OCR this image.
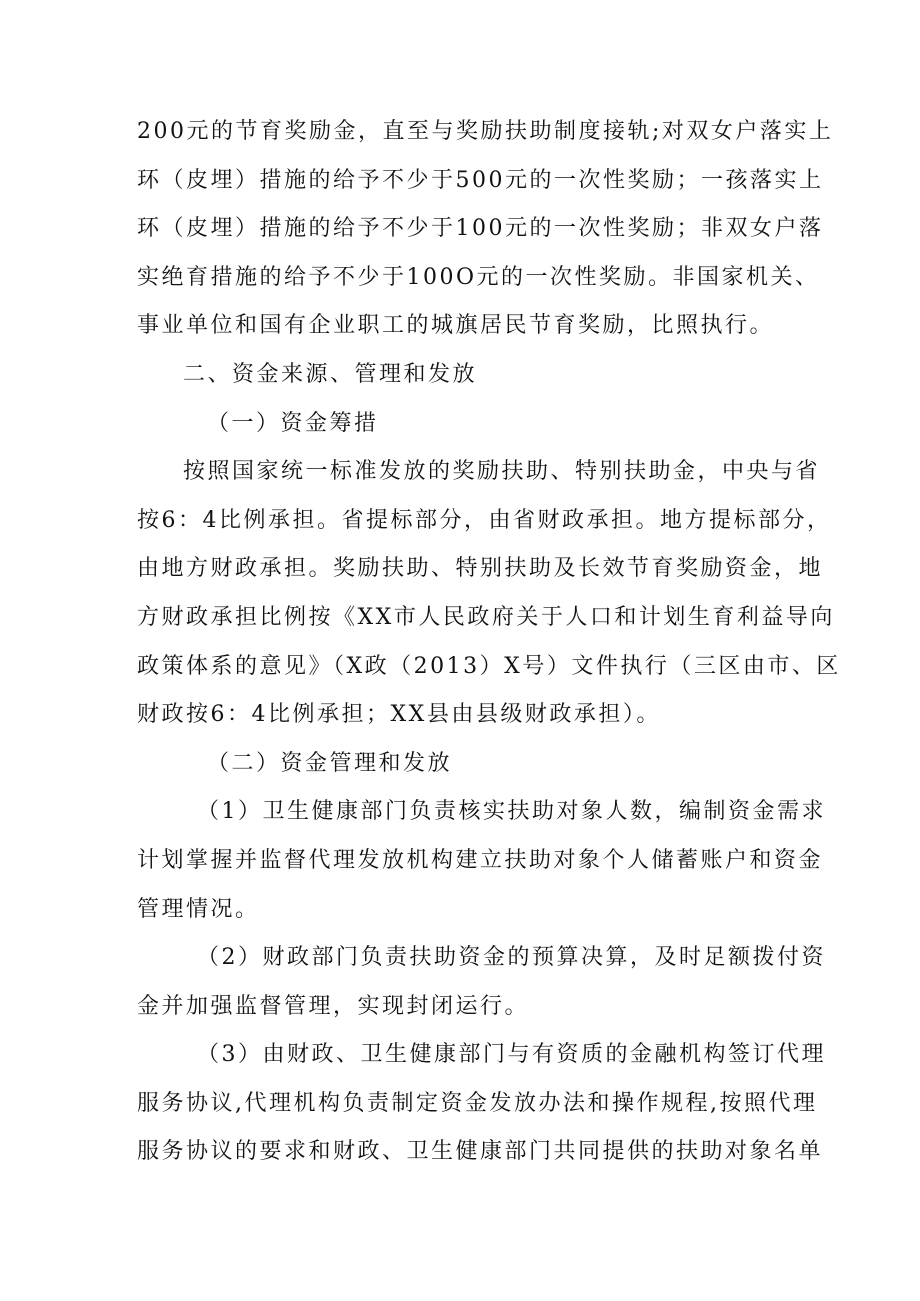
200元的节育奖励金，直至与奖励扶助制度接轨;对双女户落实上
环（皮埋）措施的给予不少于500元的一次性奖励；一孩落实上
环（皮埋）措施的给予不少于100元的一次性奖励；非双女户落
实绝育措施的给予不少于100O元的一次性奖励。非国家机关、
事业单位和国有企业职工的城旗居民节育奖励，比照执行。
二、资金来源、管理和发放
（一）资金筹措
按照国家统一标准发放的奖励扶助、特别扶助金，中央与省
按6：4比例承担。省提标部分，由省财政承担。地方提标部分，
由地方财政承担。奖励扶助、特别扶助及长效节育奖励资金，地
方财政承担比例按《XX市人民政府关于人口和计划生育利益导向
政策体系的意见》（X政（2013）X号）文件执行（三区由市、区
财政按6：4比例承担；XX县由县级财政承担）。
（二）资金管理和发放
（1）卫生健康部门负责核实扶助对象人数，编制资金需求
计划掌握并监督代理发放机构建立扶助对象个人储蓄账户和资金
管理情况。
（2）财政部门负责扶助资金的预算决算，及时足额拨付资
金并加强监督管理，实现封闭运行。
（3）由财政、卫生健康部门与有资质的金融机构签订代理
服务协议,代理机构负责制定资金发放办法和操作规程,按照代理
服务协议的要求和财政、卫生健康部门共同提供的扶助对象名单
